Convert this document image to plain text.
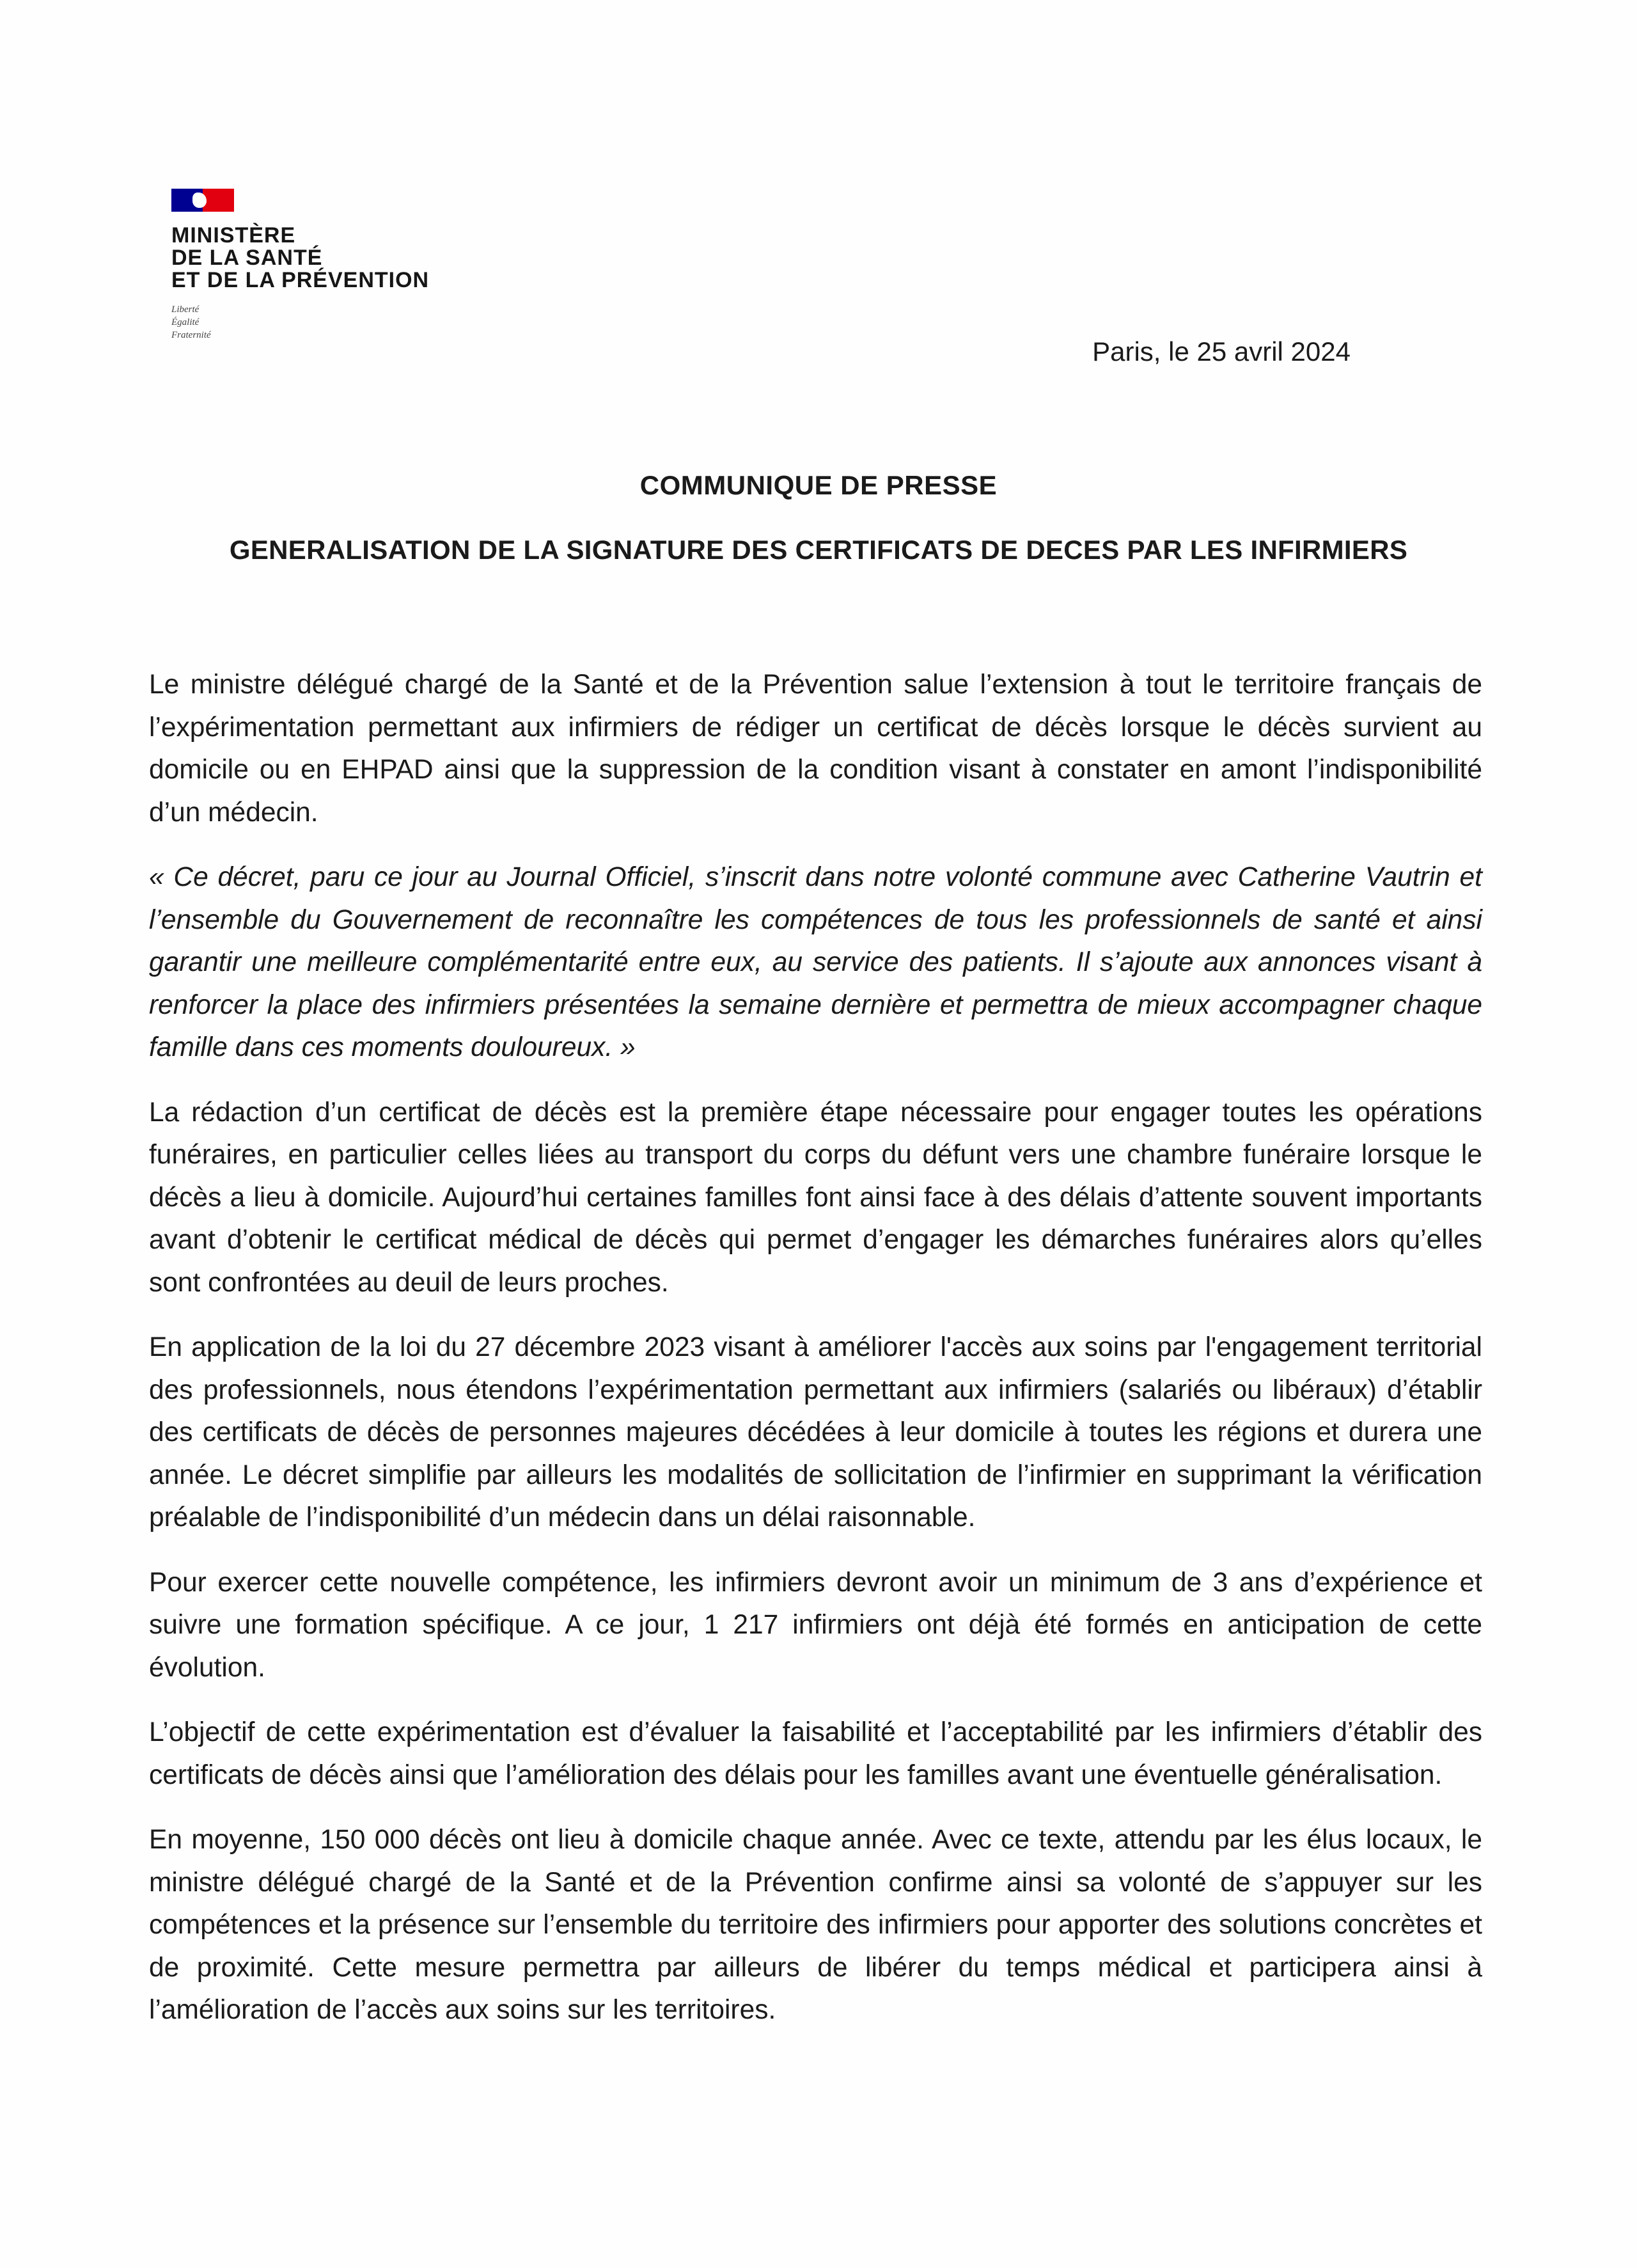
MINISTÈRE
DE LA SANTÉ
ET DE LA PRÉVENTION
Liberté
Égalité
Fraternité
Paris, le 25 avril 2024
COMMUNIQUE DE PRESSE
GENERALISATION DE LA SIGNATURE DES CERTIFICATS DE DECES PAR LES INFIRMIERS

Le ministre délégué chargé de la Santé et de la Prévention salue l’extension à tout le territoire français de l’expérimentation permettant aux infirmiers de rédiger un certificat de décès lorsque le décès survient au domicile ou en EHPAD ainsi que la suppression de la condition visant à constater en amont l’indisponibilité d’un médecin.

« Ce décret, paru ce jour au Journal Officiel, s’inscrit dans notre volonté commune avec Catherine Vautrin et l’ensemble du Gouvernement de reconnaître les compétences de tous les professionnels de santé et ainsi garantir une meilleure complémentarité entre eux, au service des patients. Il s’ajoute aux annonces visant à renforcer la place des infirmiers présentées la semaine dernière et permettra de mieux accompagner chaque famille dans ces moments douloureux. »

La rédaction d’un certificat de décès est la première étape nécessaire pour engager toutes les opérations funéraires, en particulier celles liées au transport du corps du défunt vers une chambre funéraire lorsque le décès a lieu à domicile. Aujourd’hui certaines familles font ainsi face à des délais d’attente souvent importants avant d’obtenir le certificat médical de décès qui permet d’engager les démarches funéraires alors qu’elles sont confrontées au deuil de leurs proches.

En application de la loi du 27 décembre 2023 visant à améliorer l'accès aux soins par l'engagement territorial des professionnels, nous étendons l’expérimentation permettant aux infirmiers (salariés ou libéraux) d’établir des certificats de décès de personnes majeures décédées à leur domicile à toutes les régions et durera une année. Le décret simplifie par ailleurs les modalités de sollicitation de l’infirmier en supprimant la vérification préalable de l’indisponibilité d’un médecin dans un délai raisonnable.

Pour exercer cette nouvelle compétence, les infirmiers devront avoir un minimum de 3 ans d’expérience et suivre une formation spécifique. A ce jour, 1 217 infirmiers ont déjà été formés en anticipation de cette évolution.

L’objectif de cette expérimentation est d’évaluer la faisabilité et l’acceptabilité par les infirmiers d’établir des certificats de décès ainsi que l’amélioration des délais pour les familles avant une éventuelle généralisation.

En moyenne, 150 000 décès ont lieu à domicile chaque année. Avec ce texte, attendu par les élus locaux, le ministre délégué chargé de la Santé et de la Prévention confirme ainsi sa volonté de s’appuyer sur les compétences et la présence sur l’ensemble du territoire des infirmiers pour apporter des solutions concrètes et de proximité. Cette mesure permettra par ailleurs de libérer du temps médical et participera ainsi à l’amélioration de l’accès aux soins sur les territoires.
